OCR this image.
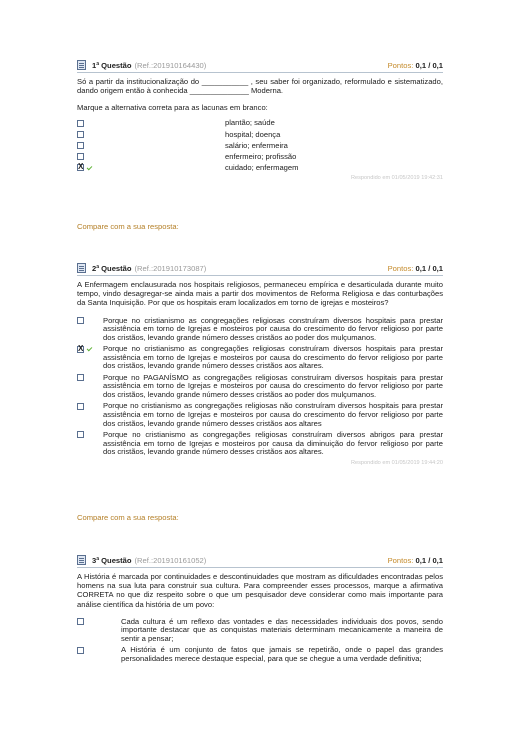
1ª Questão (Ref.:201910164430)	Pontos: 0,1 / 0,1
Só a partir da institucionalização do ___________ , seu saber foi organizado, reformulado e sistematizado, dando origem então à conhecida ______________ Moderna.
Marque a alternativa correta para as lacunas em branco:
plantão; saúde
hospital; doença
salário; enfermeira
enfermeiro; profissão
X
cuidado; enfermagem
Respondido em 01/05/2019 19:42:31
Compare com a sua resposta:
2ª Questão (Ref.:201910173087)	Pontos: 0,1 / 0,1
A Enfermagem enclausurada nos hospitais religiosos, permaneceu empírica e desarticulada durante muito tempo, vindo desagregar-se ainda mais a partir dos movimentos de Reforma Religiosa e das conturbações da Santa Inquisição. Por que os hospitais eram localizados em torno de igrejas e mosteiros?
Porque no cristianismo as congregações religiosas construíram diversos hospitais para prestar assistência em torno de Igrejas e mosteiros por causa do crescimento do fervor religioso por parte dos cristãos, levando grande número desses cristãos ao poder dos mulçumanos.
X
Porque no cristianismo as congregações religiosas construíram diversos hospitais para prestar assistência em torno de Igrejas e mosteiros por causa do crescimento do fervor religioso por parte dos cristãos, levando grande número desses cristãos aos altares.
Porque no PAGANÍSMO as congregações religiosas construíram diversos hospitais para prestar assistência em torno de Igrejas e mosteiros por causa do crescimento do fervor religioso por parte dos cristãos, levando grande número desses cristãos ao poder dos mulçumanos.
Porque no cristianismo as congregações religiosas não construíram diversos hospitais para prestar assistência em torno de Igrejas e mosteiros por causa do crescimento do fervor religioso por parte dos cristãos, levando grande número desses cristãos aos altares
Porque no cristianismo as congregações religiosas construíram diversos abrigos para prestar assistência em torno de Igrejas e mosteiros por causa da diminuição do fervor religioso por parte dos cristãos, levando grande número desses cristãos aos altares.
Respondido em 01/05/2019 19:44:20
Compare com a sua resposta:
3ª Questão (Ref.:201910161052)	Pontos: 0,1 / 0,1
A História é marcada por continuidades e descontinuidades que mostram as dificuldades encontradas pelos homens na sua luta para construir sua cultura. Para compreender esses processos, marque a afirmativa CORRETA no que diz respeito sobre o que um pesquisador deve considerar como mais importante para análise científica da história de um povo:
Cada cultura é um reflexo das vontades e das necessidades individuais dos povos, sendo importante destacar que as conquistas materiais determinam mecanicamente a maneira de sentir a pensar;
A História é um conjunto de fatos que jamais se repetirão, onde o papel das grandes personalidades merece destaque especial, para que se chegue a uma verdade definitiva;
